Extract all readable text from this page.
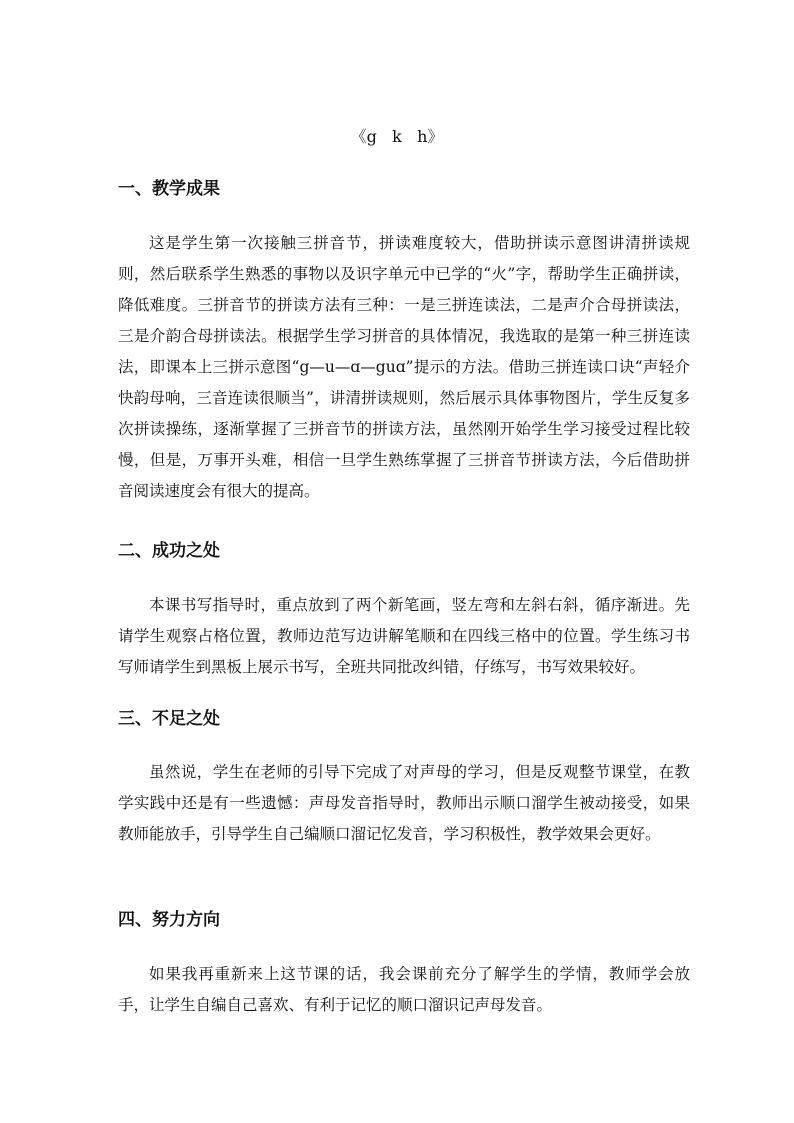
《g   k   h》
一、教学成果

这是学生第一次接触三拼音节，拼读难度较大，借助拼读示意图讲清拼读规则，然后联系学生熟悉的事物以及识字单元中已学的“火”字，帮助学生正确拼读，降低难度。三拼音节的拼读方法有三种：一是三拼连读法，二是声介合母拼读法，三是介韵合母拼读法。根据学生学习拼音的具体情况，我选取的是第一种三拼连读法，即课本上三拼示意图“g—u—ɑ—guɑ”提示的方法。借助三拼连读口诀“声轻介快韵母响，三音连读很顺当”，讲清拼读规则，然后展示具体事物图片，学生反复多次拼读操练，逐渐掌握了三拼音节的拼读方法，虽然刚开始学生学习接受过程比较慢，但是，万事开头难，相信一旦学生熟练掌握了三拼音节拼读方法，今后借助拼音阅读速度会有很大的提高。

二、成功之处

本课书写指导时，重点放到了两个新笔画，竖左弯和左斜右斜，循序渐进。先请学生观察占格位置，教师边范写边讲解笔顺和在四线三格中的位置。学生练习书写师请学生到黑板上展示书写，全班共同批改纠错，仔练写，书写效果较好。

三、不足之处

虽然说，学生在老师的引导下完成了对声母的学习，但是反观整节课堂，在教学实践中还是有一些遗憾：声母发音指导时，教师出示顺口溜学生被动接受，如果教师能放手，引导学生自己编顺口溜记忆发音，学习积极性，教学效果会更好。

四、努力方向

如果我再重新来上这节课的话，我会课前充分了解学生的学情，教师学会放手，让学生自编自己喜欢、有利于记忆的顺口溜识记声母发音。
